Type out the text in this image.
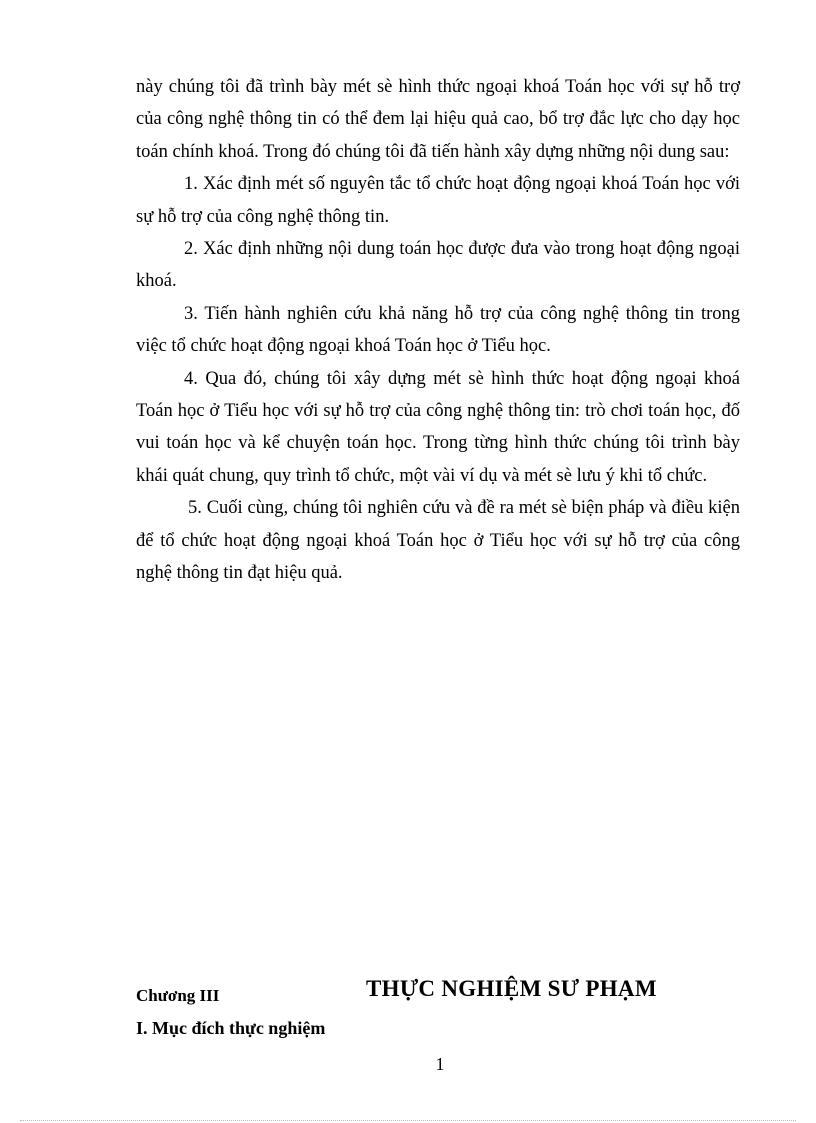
này chúng tôi đã trình bày mét sè hình thức ngoại khoá Toán học với sự hỗ trợ của công nghệ thông tin có thể đem lại hiệu quả cao, bổ trợ đắc lực cho dạy học toán chính khoá. Trong đó chúng tôi đã tiến hành xây dựng những nội dung sau:

1. Xác định mét số nguyên tắc tổ chức hoạt động ngoại khoá Toán học với sự hỗ trợ của công nghệ thông tin.

2. Xác định những nội dung toán học được đưa vào trong hoạt động ngoại khoá.

3. Tiến hành nghiên cứu khả năng hỗ trợ của công nghệ thông tin trong việc tổ chức hoạt động ngoại khoá Toán học ở Tiểu học.

4. Qua đó, chúng tôi xây dựng mét sè hình thức hoạt động ngoại khoá Toán học ở Tiểu học với sự hỗ trợ của công nghệ thông tin: trò chơi toán học, đố vui toán học và kể chuyện toán học. Trong từng hình thức chúng tôi trình bày khái quát chung, quy trình tổ chức, một vài ví dụ và mét sè lưu ý khi tổ chức.

5. Cuối cùng, chúng tôi nghiên cứu và đề ra mét sè biện pháp và điều kiện để tổ chức hoạt động ngoại khoá Toán học ở Tiểu học với sự hỗ trợ của công nghệ thông tin đạt hiệu quả.

Chương III	THỰC NGHIỆM SƯ PHẠM
I. Mục đích thực nghiệm
1
